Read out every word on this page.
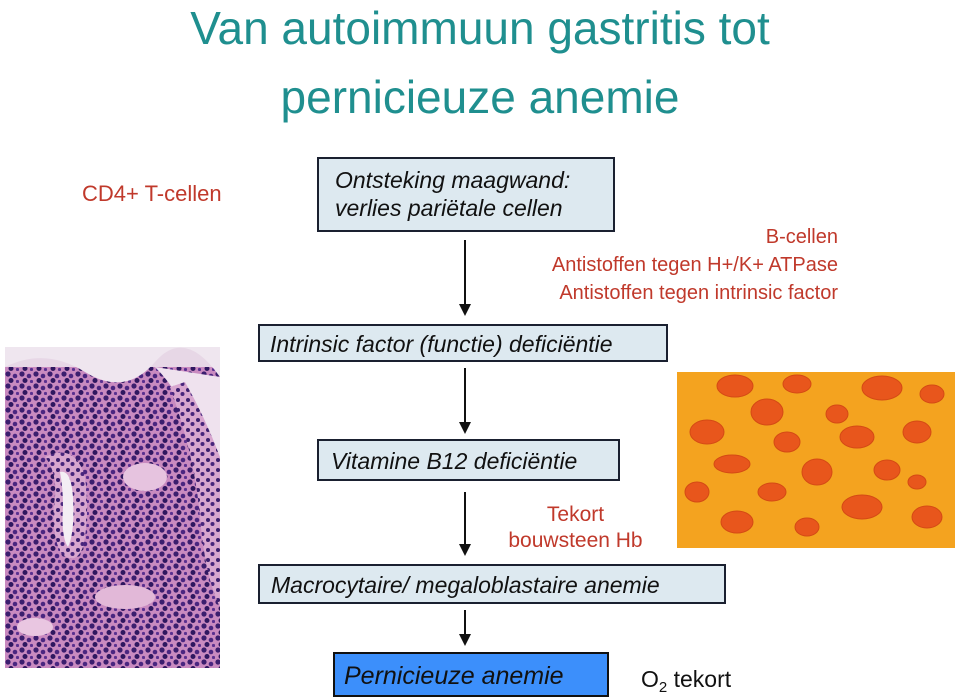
Van autoimmuun gastritis tot
pernicieuze anemie
CD4+ T-cellen
Ontsteking maagwand:
verlies pariëtale cellen
B-cellen
Antistoffen tegen H+/K+ ATPase
Antistoffen tegen intrinsic factor
Intrinsic factor (functie) deficiëntie
Vitamine B12 deficiëntie
Tekort
bouwsteen Hb
Macrocytaire/ megaloblastaire anemie
Pernicieuze anemie	$O_2$ tekort
